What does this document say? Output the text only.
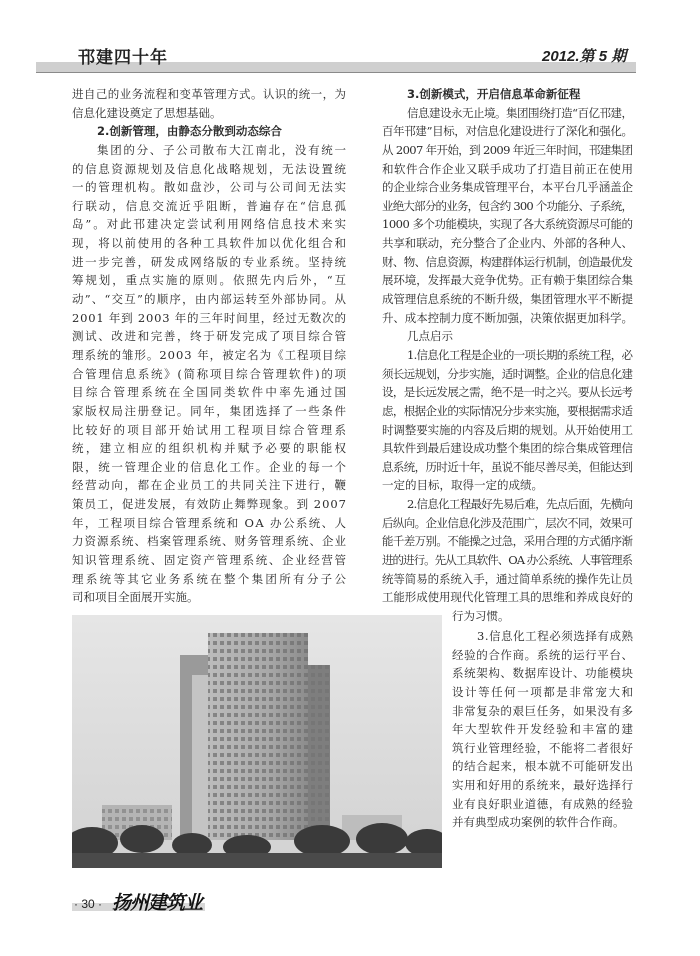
邗建四十年	2012.第 5 期
进自己的业务流程和变革管理方式。认识的统一，为
信息化建设奠定了思想基础。
2.创新管理，由静态分散到动态综合
集团的分、子公司散布大江南北，没有统一
的信息资源规划及信息化战略规划，无法设置统
一的管理机构。散如盘沙，公司与公司间无法实
行联动，信息交流近乎阻断，普遍存在“信息孤
岛”。对此邗建决定尝试利用网络信息技术来实
现，将以前使用的各种工具软件加以优化组合和
进一步完善，研发成网络版的专业系统。坚持统
筹规划，重点实施的原则。依照先内后外，“互
动”、“交互”的顺序，由内部运转至外部协同。从
2001 年到 2003 年的三年时间里，经过无数次的
测试、改进和完善，终于研发完成了项目综合管
理系统的雏形。2003 年，被定名为《工程项目综
合管理信息系统》(简称项目综合管理软件)的项
目综合管理系统在全国同类软件中率先通过国
家版权局注册登记。同年，集团选择了一些条件
比较好的项目部开始试用工程项目综合管理系
统，建立相应的组织机构并赋予必要的职能权
限，统一管理企业的信息化工作。企业的每一个
经营动向，都在企业员工的共同关注下进行，鞭
策员工，促进发展，有效防止舞弊现象。到 2007
年，工程项目综合管理系统和 OA 办公系统、人
力资源系统、档案管理系统、财务管理系统、企业
知识管理系统、固定资产管理系统、企业经营管
理系统等其它业务系统在整个集团所有分子公
司和项目全面展开实施。
3.创新模式，开启信息革命新征程
信息建设永无止境。集团围绕打造“百亿邗建，
百年邗建”目标，对信息化建设进行了深化和强化。
从 2007 年开始，到 2009 年近三年时间，邗建集团
和软件合作企业又联手成功了打造目前正在使用
的企业综合业务集成管理平台，本平台几乎涵盖企
业绝大部分的业务，包含约 300 个功能分、子系统，
1000 多个功能模块，实现了各大系统资源尽可能的
共享和联动，充分整合了企业内、外部的各种人、
财、物、信息资源，构建群体运行机制，创造最优发
展环境，发挥最大竞争优势。正有赖于集团综合集
成管理信息系统的不断升级，集团管理水平不断提
升、成本控制力度不断加强，决策依据更加科学。
几点启示
1.信息化工程是企业的一项长期的系统工程，必
须长远规划，分步实施，适时调整。企业的信息化建
设，是长远发展之需，绝不是一时之兴。要从长远考
虑，根据企业的实际情况分步来实施，要根据需求适
时调整要实施的内容及后期的规划。从开始使用工
具软件到最后建设成功整个集团的综合集成管理信
息系统，历时近十年，虽说不能尽善尽美，但能达到
一定的目标，取得一定的成绩。
2.信息化工程最好先易后难，先点后面，先横向
后纵向。企业信息化涉及范围广，层次不同，效果可
能千差万别。不能操之过急，采用合理的方式循序渐
进的进行。先从工具软件、OA 办公系统、人事管理系
统等简易的系统入手，通过简单系统的操作先让员
工能形成使用现代化管理工具的思维和养成良好的
行为习惯。
3.信息化工程必须选择有成熟
经验的合作商。系统的运行平台、
系统架构、数据库设计、功能模块
设计等任何一项都是非常宠大和
非常复杂的艰巨任务，如果没有多
年大型软件开发经验和丰富的建
筑行业管理经验，不能将二者很好
的结合起来，根本就不可能研发出
实用和好用的系统来，最好选择行
业有良好职业道德，有成熟的经验
并有典型成功案例的软件合作商。
· 30 · 扬州建筑业
